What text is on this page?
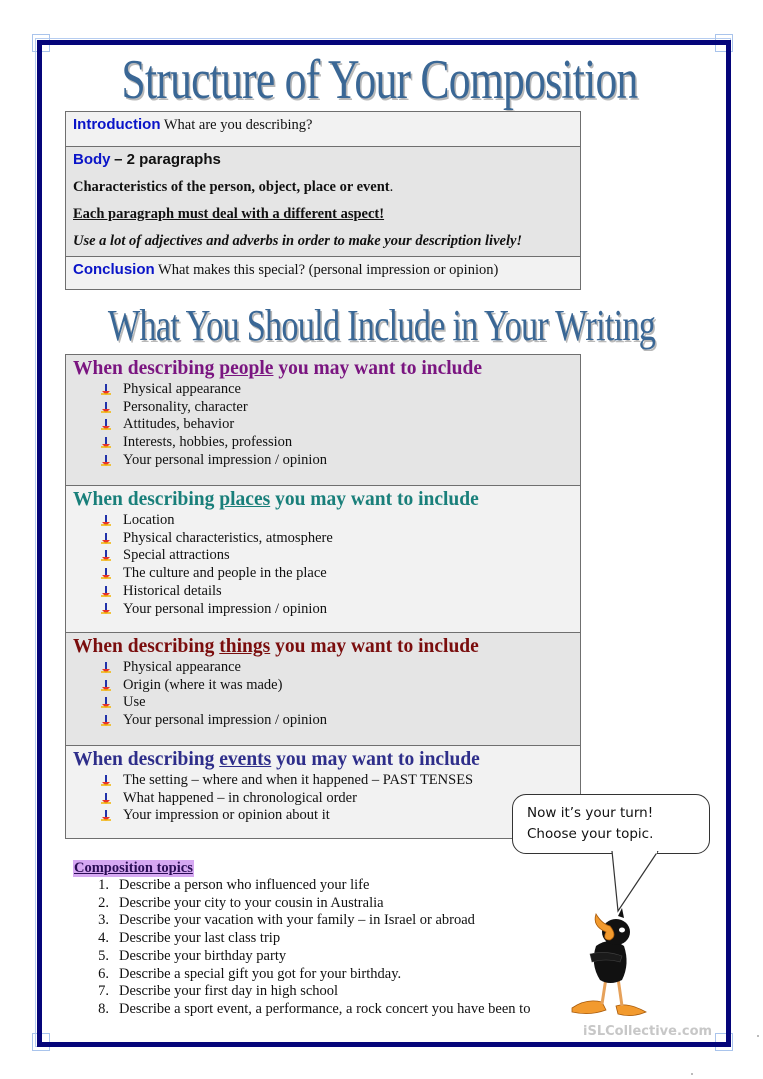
Structure of Your Composition
Introduction What are you describing?

Body – 2 paragraphs
Characteristics of the person, object, place or event.
Each paragraph must deal with a different aspect!
Use a lot of adjectives and adverbs in order to make your description lively!

Conclusion What makes this special? (personal impression or opinion)
What You Should Include in Your Writing
When describing people you may want to include
Physical appearance
Personality, character
Attitudes, behavior
Interests, hobbies, profession
Your personal impression / opinion

When describing places you may want to include
Location
Physical characteristics, atmosphere
Special attractions
The culture and people in the place
Historical details
Your personal impression / opinion

When describing things you may want to include
Physical appearance
Origin (where it was made)
Use
Your personal impression / opinion

When describing events you may want to include
The setting – where and when it happened – PAST TENSES
What happened – in chronological order
Your impression or opinion about it	Now it’s your turn!
Choose your topic.
Composition topics
1. Describe a person who influenced your life
2. Describe your city to your cousin in Australia
3. Describe your vacation with your family – in Israel or abroad
4. Describe your last class trip
5. Describe your birthday party
6. Describe a special gift you got for your birthday.
7. Describe your first day in high school
8. Describe a sport event, a performance, a rock concert you have been to
iSLCollective.com
